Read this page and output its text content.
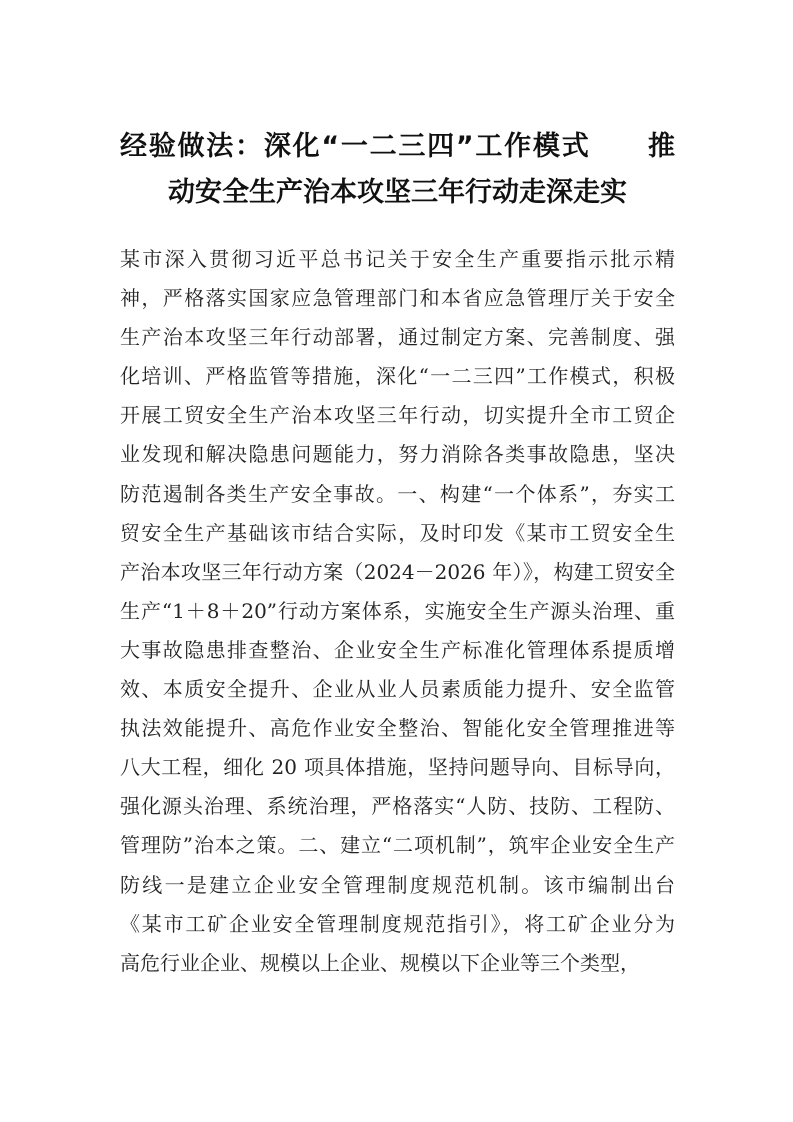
经验做法：深化“一二三四”工作模式　　推
动安全生产治本攻坚三年行动走深走实
某市深入贯彻习近平总书记关于安全生产重要指示批示精
神，严格落实国家应急管理部门和本省应急管理厅关于安全
生产治本攻坚三年行动部署，通过制定方案、完善制度、强
化培训、严格监管等措施，深化“一二三四”工作模式，积极
开展工贸安全生产治本攻坚三年行动，切实提升全市工贸企
业发现和解决隐患问题能力，努力消除各类事故隐患，坚决
防范遏制各类生产安全事故。一、构建“一个体系”，夯实工
贸安全生产基础该市结合实际，及时印发《某市工贸安全生
产治本攻坚三年行动方案（2024－2026 年）》，构建工贸安全
生产“1＋8＋20”行动方案体系，实施安全生产源头治理、重
大事故隐患排查整治、企业安全生产标准化管理体系提质增
效、本质安全提升、企业从业人员素质能力提升、安全监管
执法效能提升、高危作业安全整治、智能化安全管理推进等
八大工程，细化 20 项具体措施，坚持问题导向、目标导向，
强化源头治理、系统治理，严格落实“人防、技防、工程防、
管理防”治本之策。二、建立“二项机制”，筑牢企业安全生产
防线一是建立企业安全管理制度规范机制。该市编制出台
《某市工矿企业安全管理制度规范指引》，将工矿企业分为
高危行业企业、规模以上企业、规模以下企业等三个类型，
